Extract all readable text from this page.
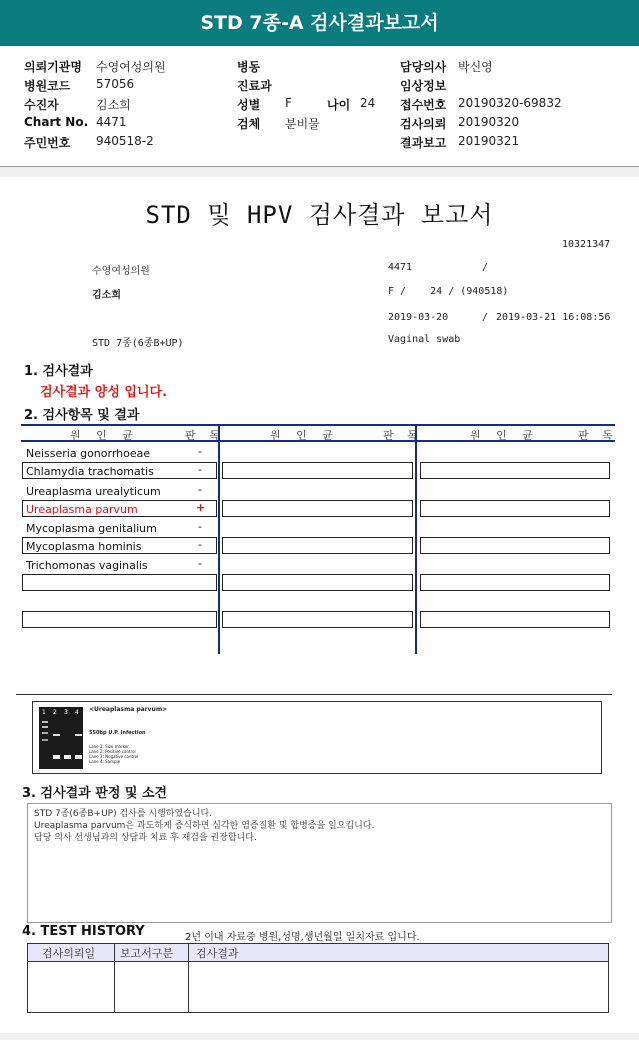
STD 7종-A 검사결과보고서
의뢰기관명 수영여성의원
병원코드 57056
수진자	김소희
Chart No. 4471
주민번호 940518-2
병동
진료과
성별 F	나이 24
검체 분비물
담당의사 박신영
임상정보
접수번호 20190320-69832
검사의뢰 20190320
결과보고 20190321
STD 및 HPV 검사결과 보고서
10321347
수영여성의원	4471	/
김소희	F /    24 / (940518)
2019-03-20	/ 2019-03-21 16:08:56
STD 7종(6종B+UP)	Vaginal swab
1. 검사결과
검사결과 양성 입니다.
2. 검사항목 및 결과
원 인 균	판 독	원 인 균	판 독	원 인 균	판 독
Neisseria gonorrhoeae	-
Chlamydia trachomatis	-
Ureaplasma urealyticum	-
Ureaplasma parvum	+
Mycoplasma genitalium	-
Mycoplasma hominis	-
Trichomonas vaginalis	-
1 2 3 4 <Ureaplasma parvum>
550bp U.P. infection
Lane 1: Size marker
Lane 2: Positive control
Lane 3: Negative control
Lane 4: Sample
3. 검사결과 판정 및 소견
STD 7종(6종B+UP) 검사를 시행하였습니다.
Ureaplasma parvum은 과도하게 증식하면 심각한 염증질환 및 합병증을 일으킵니다.
담당 의사 선생님과의 상담과 치료 후 재검을 권장합니다.
4. TEST HISTORY	2년 이내 자료중 병원,성명,생년월일 일치자료 입니다.
검사의뢰일 보고서구분 검사결과
